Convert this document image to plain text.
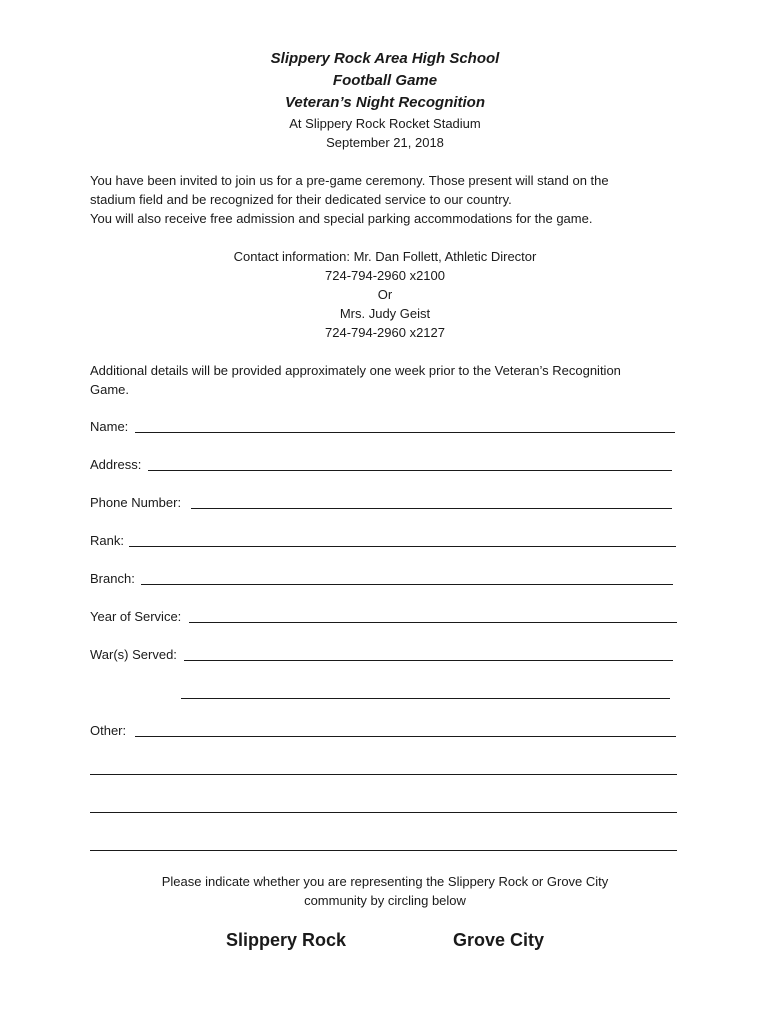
Slippery Rock Area High School
Football Game
Veteran’s Night Recognition
At Slippery Rock Rocket Stadium
September 21, 2018
You have been invited to join us for a pre-game ceremony. Those present will stand on the
stadium field and be recognized for their dedicated service to our country.
You will also receive free admission and special parking accommodations for the game.
Contact information: Mr. Dan Follett, Athletic Director
724-794-2960 x2100
Or
Mrs. Judy Geist
724-794-2960 x2127
Additional details will be provided approximately one week prior to the Veteran’s Recognition
Game.
Name:
Address:
Phone Number:
Rank:
Branch:
Year of Service:
War(s) Served:
Other:
Please indicate whether you are representing the Slippery Rock or Grove City
community by circling below
Slippery Rock	Grove City
